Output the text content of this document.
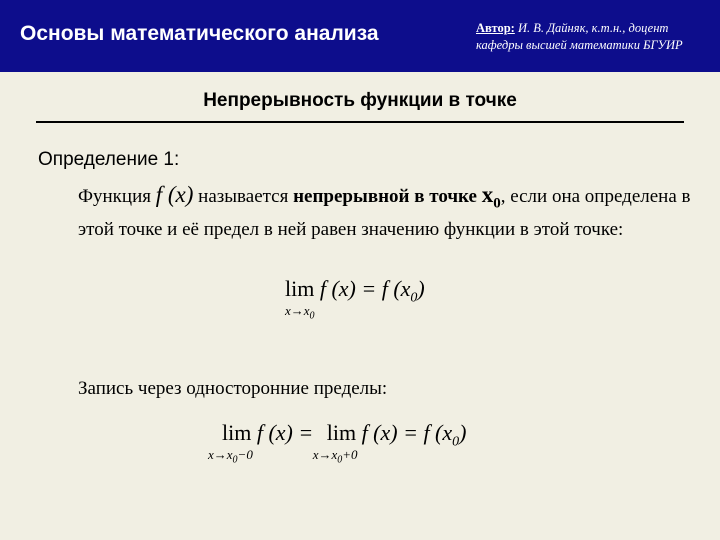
Основы математического анализа	Автор: И. В. Дайняк, к.т.н., доцент
кафедры высшей математики БГУИР
Непрерывность функции в точке
Определение 1:
Функция f (x) называется непрерывной в точке $x_0$, если она определена в этой точке и её предел в ней равен значению функции в этой точке:
lim
$x\to x_0$
f (x) = f $(x_0)$
Запись через односторонние пределы:
lim
$x\to x_0-0$
f (x) = lim
$x\to x_0+0$
f (x) = f $(x_0)$
